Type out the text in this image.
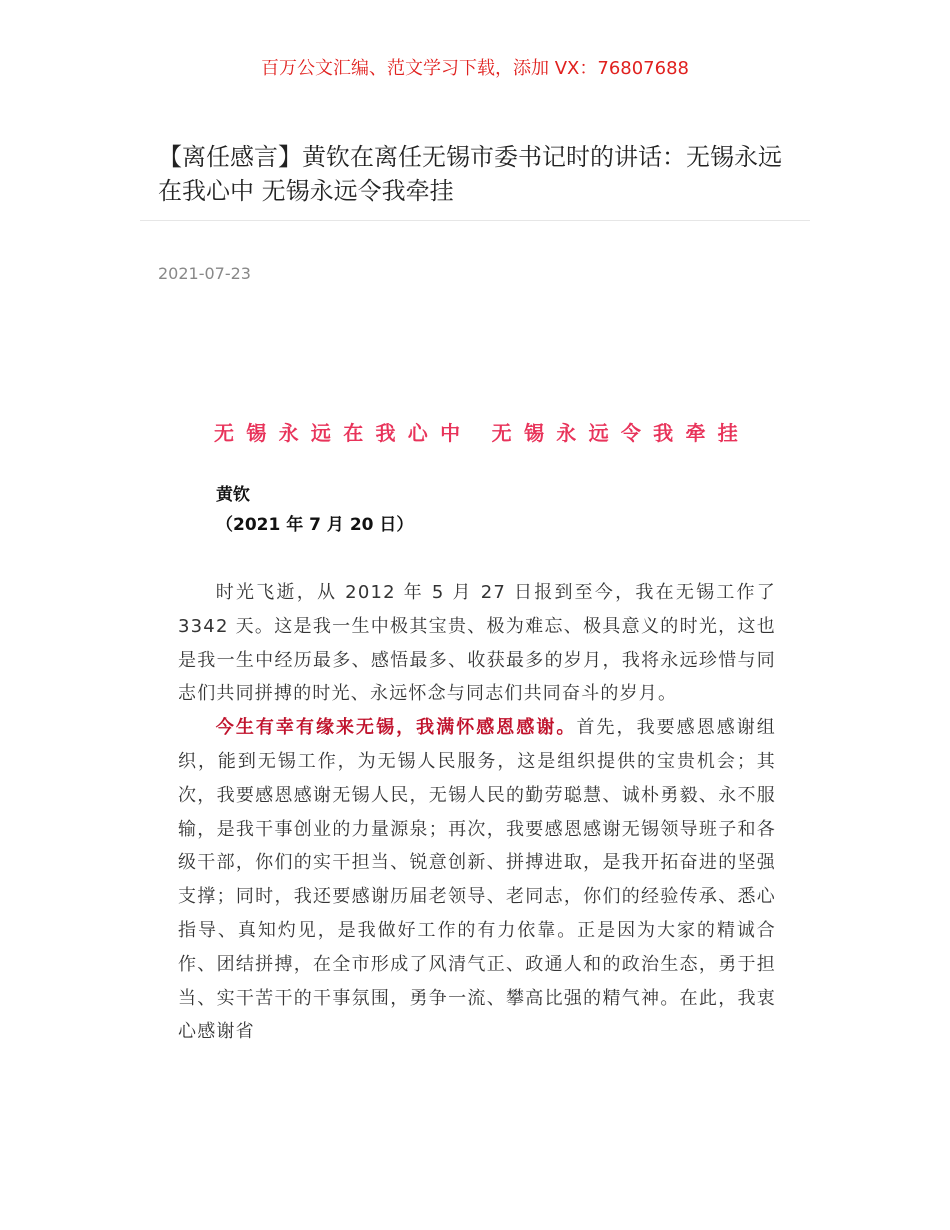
百万公文汇编、范文学习下载，添加 VX：76807688
【离任感言】黄钦在离任无锡市委书记时的讲话：无锡永远在我心中 无锡永远令我牵挂
2021-07-23
无锡永远在我心中 无锡永远令我牵挂
黄钦
（2021 年 7 月 20 日）

时光飞逝，从 2012 年 5 月 27 日报到至今，我在无锡工作了 3342 天。这是我一生中极其宝贵、极为难忘、极具意义的时光，这也是我一生中经历最多、感悟最多、收获最多的岁月，我将永远珍惜与同志们共同拼搏的时光、永远怀念与同志们共同奋斗的岁月。

今生有幸有缘来无锡，我满怀感恩感谢。首先，我要感恩感谢组织，能到无锡工作，为无锡人民服务，这是组织提供的宝贵机会；其次，我要感恩感谢无锡人民，无锡人民的勤劳聪慧、诚朴勇毅、永不服输，是我干事创业的力量源泉；再次，我要感恩感谢无锡领导班子和各级干部，你们的实干担当、锐意创新、拼搏进取，是我开拓奋进的坚强支撑；同时，我还要感谢历届老领导、老同志，你们的经验传承、悉心指导、真知灼见，是我做好工作的有力依靠。正是因为大家的精诚合作、团结拼搏，在全市形成了风清气正、政通人和的政治生态，勇于担当、实干苦干的干事氛围，勇争一流、攀高比强的精气神。在此，我衷心感谢省
